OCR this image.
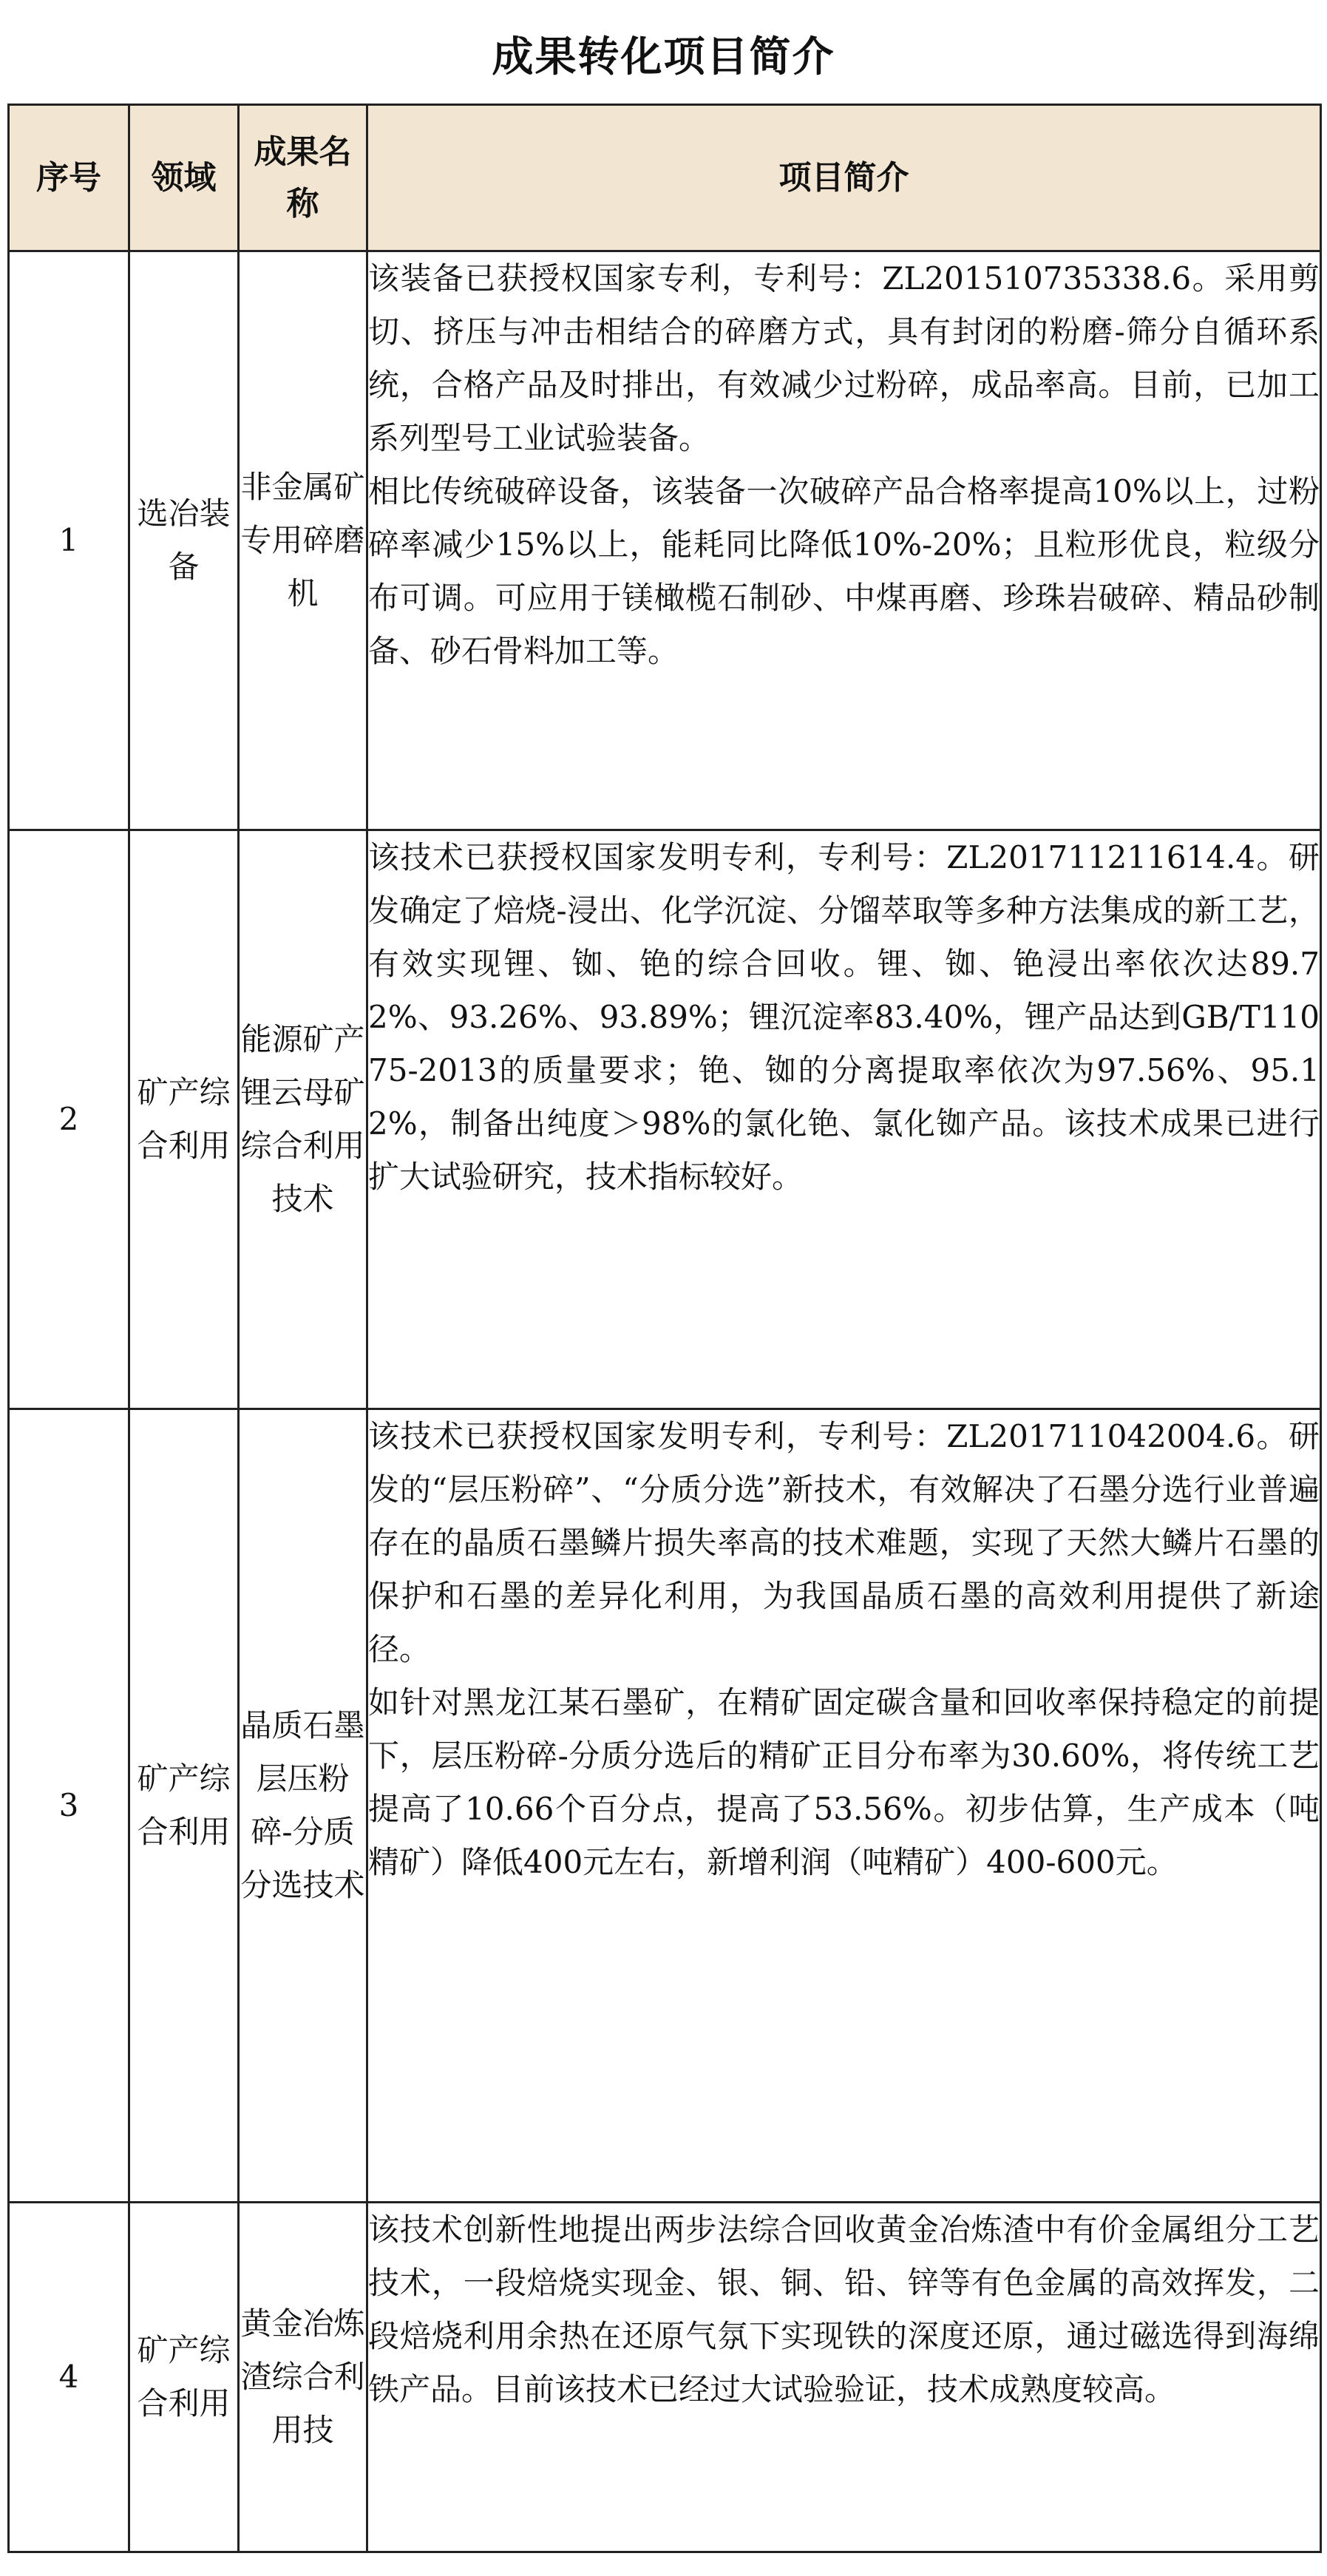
成果转化项目简介
序号	领域	成果名称	项目简介
1	选冶装备	非金属矿专用碎磨机	该装备已获授权国家专利，专利号：ZL201510735338.6。采用剪切、挤压与冲击相结合的碎磨方式，具有封闭的粉磨-筛分自循环系统，合格产品及时排出，有效减少过粉碎，成品率高。目前，已加工系列型号工业试验装备。

相比传统破碎设备，该装备一次破碎产品合格率提高10%以上，过粉碎率减少15%以上，能耗同比降低10%-20%；且粒形优良，粒级分布可调。可应用于镁橄榄石制砂、中煤再磨、珍珠岩破碎、精品砂制备、砂石骨料加工等。

2	矿产综合利用	能源矿产锂云母矿综合利用技术	该技术已获授权国家发明专利，专利号：ZL201711211614.4。研发确定了焙烧-浸出、化学沉淀、分馏萃取等多种方法集成的新工艺，有效实现锂、铷、铯的综合回收。锂、铷、铯浸出率依次达89.72%、93.26%、93.89%；锂沉淀率83.40%，锂产品达到GB/T11075-2013的质量要求；铯、铷的分离提取率依次为97.56%、95.12%，制备出纯度＞98%的氯化铯、氯化铷产品。该技术成果已进行扩大试验研究，技术指标较好。

3	矿产综合利用	晶质石墨层压粉碎-分质分选技术	该技术已获授权国家发明专利，专利号：ZL201711042004.6。研发的“层压粉碎”、“分质分选”新技术，有效解决了石墨分选行业普遍存在的晶质石墨鳞片损失率高的技术难题，实现了天然大鳞片石墨的保护和石墨的差异化利用，为我国晶质石墨的高效利用提供了新途径。

如针对黑龙江某石墨矿，在精矿固定碳含量和回收率保持稳定的前提下，层压粉碎-分质分选后的精矿正目分布率为30.60%，将传统工艺提高了10.66个百分点，提高了53.56%。初步估算，生产成本（吨精矿）降低400元左右，新增利润（吨精矿）400-600元。

4	矿产综合利用	黄金冶炼渣综合利用技	该技术创新性地提出两步法综合回收黄金冶炼渣中有价金属组分工艺技术，一段焙烧实现金、银、铜、铅、锌等有色金属的高效挥发，二段焙烧利用余热在还原气氛下实现铁的深度还原，通过磁选得到海绵铁产品。目前该技术已经过大试验验证，技术成熟度较高。
